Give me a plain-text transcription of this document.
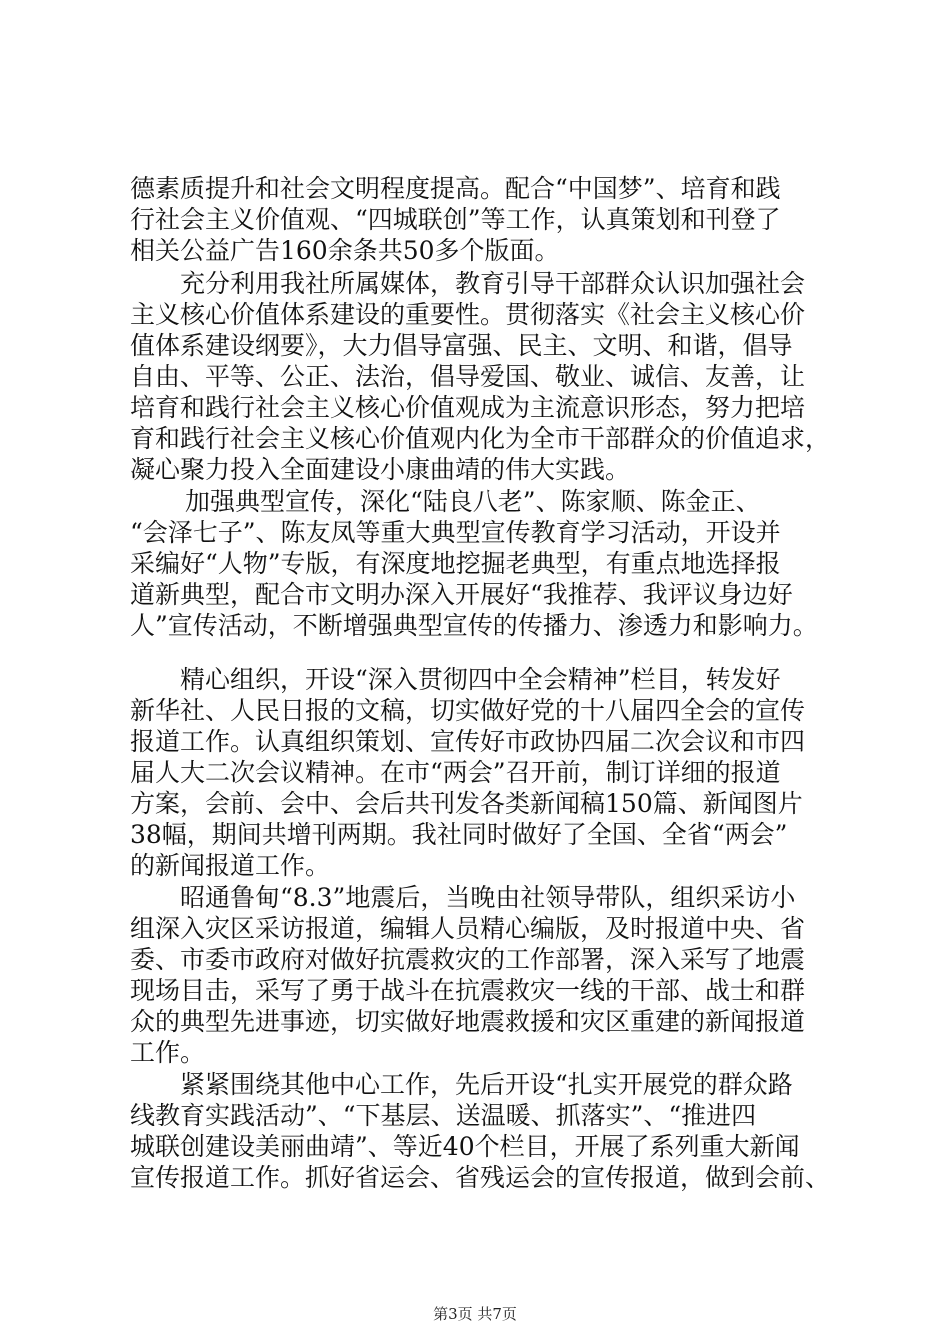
德素质提升和社会文明程度提高。配合“中国梦”、培育和践
行社会主义价值观、“四城联创”等工作，认真策划和刊登了
相关公益广告160余条共50多个版面。
充分利用我社所属媒体，教育引导干部群众认识加强社会
主义核心价值体系建设的重要性。贯彻落实《社会主义核心价
值体系建设纲要》，大力倡导富强、民主、文明、和谐，倡导
自由、平等、公正、法治，倡导爱国、敬业、诚信、友善，让
培育和践行社会主义核心价值观成为主流意识形态，努力把培
育和践行社会主义核心价值观内化为全市干部群众的价值追求，
凝心聚力投入全面建设小康曲靖的伟大实践。
加强典型宣传，深化“陆良八老”、陈家顺、陈金正、
“会泽七子”、陈友凤等重大典型宣传教育学习活动，开设并
采编好“人物”专版，有深度地挖掘老典型，有重点地选择报
道新典型，配合市文明办深入开展好“我推荐、我评议身边好
人”宣传活动，不断增强典型宣传的传播力、渗透力和影响力。
精心组织，开设“深入贯彻四中全会精神”栏目，转发好
新华社、人民日报的文稿，切实做好党的十八届四全会的宣传
报道工作。认真组织策划、宣传好市政协四届二次会议和市四
届人大二次会议精神。在市“两会”召开前，制订详细的报道
方案，会前、会中、会后共刊发各类新闻稿150篇、新闻图片
38幅，期间共增刊两期。我社同时做好了全国、全省“两会”
的新闻报道工作。
昭通鲁甸“8.3”地震后，当晚由社领导带队，组织采访小
组深入灾区采访报道，编辑人员精心编版，及时报道中央、省
委、市委市政府对做好抗震救灾的工作部署，深入采写了地震
现场目击，采写了勇于战斗在抗震救灾一线的干部、战士和群
众的典型先进事迹，切实做好地震救援和灾区重建的新闻报道
工作。
紧紧围绕其他中心工作，先后开设“扎实开展党的群众路
线教育实践活动”、“下基层、送温暖、抓落实”、“推进四
城联创建设美丽曲靖”、等近40个栏目，开展了系列重大新闻
宣传报道工作。抓好省运会、省残运会的宣传报道，做到会前、
第3页 共7页
